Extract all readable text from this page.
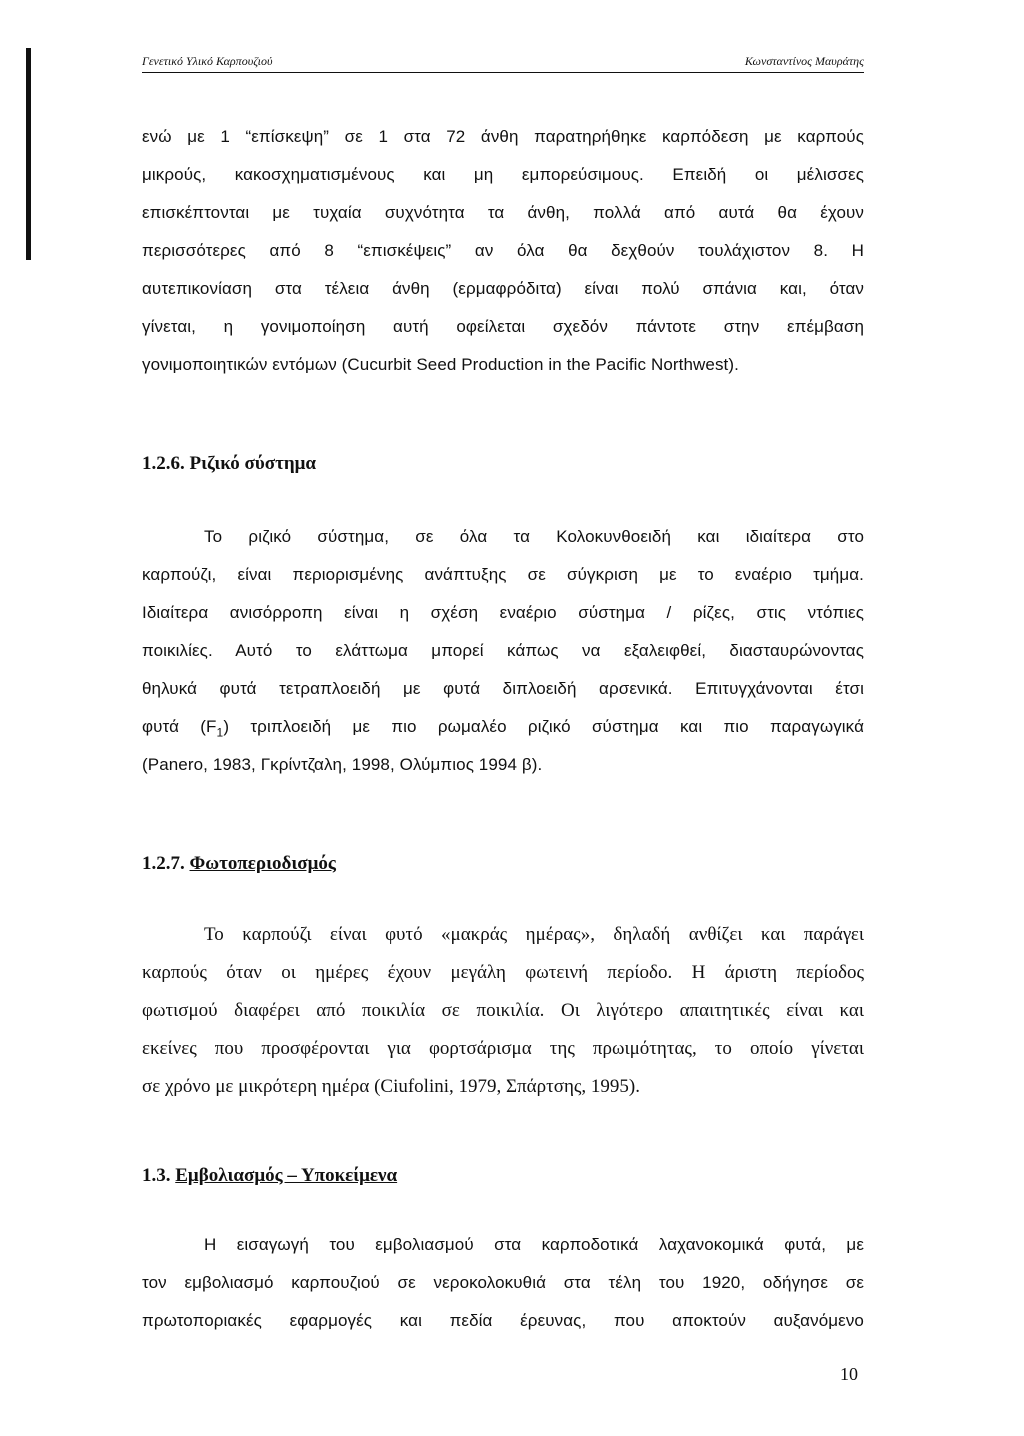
Γενετικό Υλικό Καρπουζιού	Κωνσταντίνος Μαυράτης
ενώ με 1 “επίσκεψη” σε 1 στα 72 άνθη παρατηρήθηκε καρπόδεση με καρπούς
μικρούς, κακοσχηματισμένους και μη εμπορεύσιμους. Επειδή οι μέλισσες
επισκέπτονται με τυχαία συχνότητα τα άνθη, πολλά από αυτά θα έχουν
περισσότερες από 8 “επισκέψεις” αν όλα θα δεχθούν τουλάχιστον 8. Η
αυτεπικονίαση στα τέλεια άνθη (ερμαφρόδιτα) είναι πολύ σπάνια και, όταν
γίνεται, η γονιμοποίηση αυτή οφείλεται σχεδόν πάντοτε στην επέμβαση
γονιμοποιητικών εντόμων (Cucurbit Seed Production in the Pacific Northwest).
1.2.6. Ριζικό σύστημα
Το ριζικό σύστημα, σε όλα τα Κολοκυνθοειδή και ιδιαίτερα στο
καρπούζι, είναι περιορισμένης ανάπτυξης σε σύγκριση με το εναέριο τμήμα.
Ιδιαίτερα ανισόρροπη είναι η σχέση εναέριο σύστημα / ρίζες, στις ντόπιες
ποικιλίες. Αυτό το ελάττωμα μπορεί κάπως να εξαλειφθεί, διασταυρώνοντας
θηλυκά φυτά τετραπλοειδή με φυτά διπλοειδή αρσενικά. Επιτυγχάνονται έτσι
φυτά $(F_1)$ τριπλοειδή με πιο ρωμαλέο ριζικό σύστημα και πιο παραγωγικά
(Panero, 1983, Γκρίντζαλη, 1998, Ολύμπιος 1994 β).
1.2.7. Φωτοπεριοδισμός
Το καρπούζι είναι φυτό «μακράς ημέρας», δηλαδή ανθίζει και παράγει
καρπούς όταν οι ημέρες έχουν μεγάλη φωτεινή περίοδο. Η άριστη περίοδος
φωτισμού διαφέρει από ποικιλία σε ποικιλία. Οι λιγότερο απαιτητικές είναι και
εκείνες που προσφέρονται για φορτσάρισμα της πρωιμότητας, το οποίο γίνεται
σε χρόνο με μικρότερη ημέρα (Ciufolini, 1979, Σπάρτσης, 1995).
1.3. Εμβολιασμός – Υποκείμενα
Η εισαγωγή του εμβολιασμού στα καρποδοτικά λαχανοκομικά φυτά, με
τον εμβολιασμό καρπουζιού σε νεροκολοκυθιά στα τέλη του 1920, οδήγησε σε
πρωτοποριακές εφαρμογές και πεδία έρευνας, που αποκτούν αυξανόμενο
10
